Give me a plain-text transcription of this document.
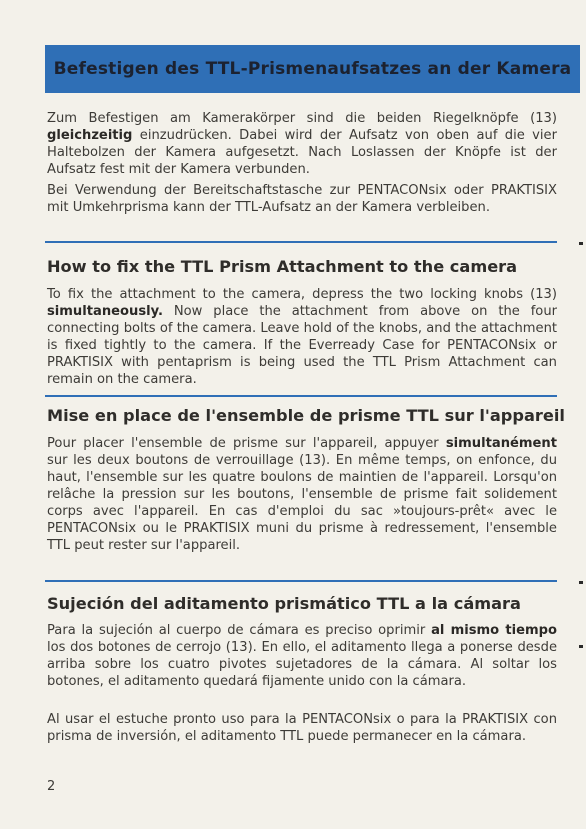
Befestigen des TTL-Prismenaufsatzes an der Kamera
Zum Befestigen am Kamerakörper sind die beiden Riegelknöpfe (13) gleichzeitig einzudrücken. Dabei wird der Aufsatz von oben auf die vier Haltebolzen der Kamera aufgesetzt. Nach Loslassen der Knöpfe ist der Aufsatz fest mit der Kamera verbunden.
Bei Verwendung der Bereitschaftstasche zur PENTACONsix oder PRAKTISIX mit Umkehrprisma kann der TTL-Aufsatz an der Kamera verbleiben.
How to fix the TTL Prism Attachment to the camera
To fix the attachment to the camera, depress the two locking knobs (13) simultaneously. Now place the attachment from above on the four connecting bolts of the camera. Leave hold of the knobs, and the attachment is fixed tightly to the camera. If the Everready Case for PENTACONsix or PRAKTISIX with pentaprism is being used the TTL Prism Attachment can remain on the camera.
Mise en place de l'ensemble de prisme TTL sur l'appareil
Pour placer l'ensemble de prisme sur l'appareil, appuyer simultanément sur les deux boutons de verrouillage (13). En même temps, on enfonce, du haut, l'ensemble sur les quatre boulons de maintien de l'appareil. Lorsqu'on relâche la pression sur les boutons, l'ensemble de prisme fait solidement corps avec l'appareil. En cas d'emploi du sac »toujours-prêt« avec le PENTACONsix ou le PRAKTISIX muni du prisme à redressement, l'ensemble TTL peut rester sur l'appareil.
Sujeción del aditamento prismático TTL a la cámara
Para la sujeción al cuerpo de cámara es preciso oprimir al mismo tiempo los dos botones de cerrojo (13). En ello, el aditamento llega a ponerse desde arriba sobre los cuatro pivotes sujetadores de la cámara. Al soltar los botones, el aditamento quedará fijamente unido con la cámara.
Al usar el estuche pronto uso para la PENTACONsix o para la PRAKTISIX con prisma de inversión, el aditamento TTL puede permanecer en la cámara.
2
